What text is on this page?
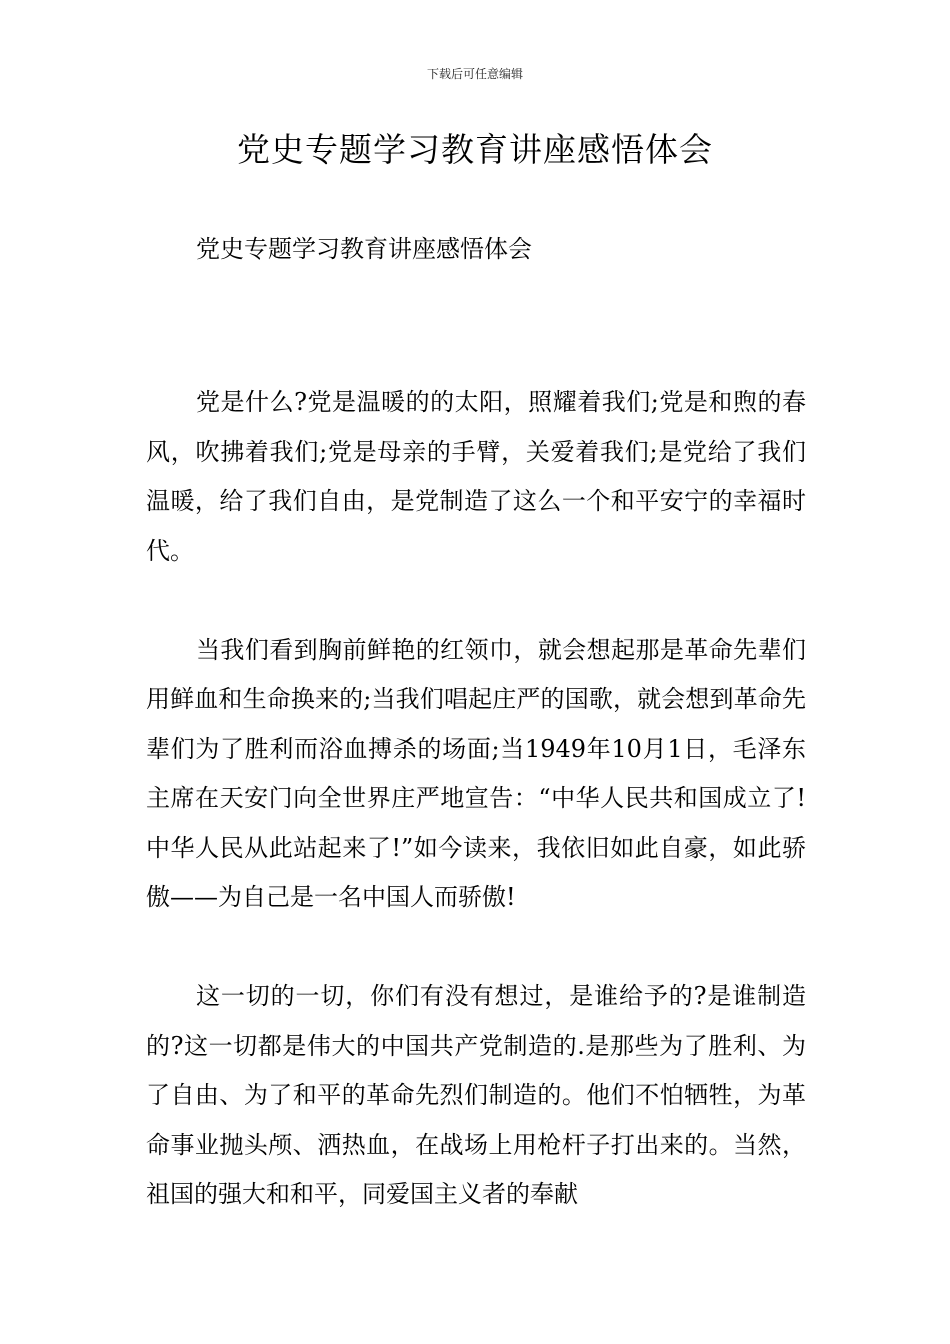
下载后可任意编辑
党史专题学习教育讲座感悟体会

党史专题学习教育讲座感悟体会

党是什么?党是温暖的的太阳，照耀着我们;党是和煦的春风，吹拂着我们;党是母亲的手臂，关爱着我们;是党给了我们温暖，给了我们自由，是党制造了这么一个和平安宁的幸福时代。

当我们看到胸前鲜艳的红领巾，就会想起那是革命先辈们用鲜血和生命换来的;当我们唱起庄严的国歌，就会想到革命先辈们为了胜利而浴血搏杀的场面;当1949年10月1日，毛泽东主席在天安门向全世界庄严地宣告：“中华人民共和国成立了!中华人民从此站起来了!”如今读来，我依旧如此自豪，如此骄傲——为自己是一名中国人而骄傲!

这一切的一切，你们有没有想过，是谁给予的?是谁制造的?这一切都是伟大的中国共产党制造的.是那些为了胜利、为了自由、为了和平的革命先烈们制造的。他们不怕牺牲，为革命事业抛头颅、洒热血，在战场上用枪杆子打出来的。当然，祖国的强大和和平，同爱国主义者的奉献
